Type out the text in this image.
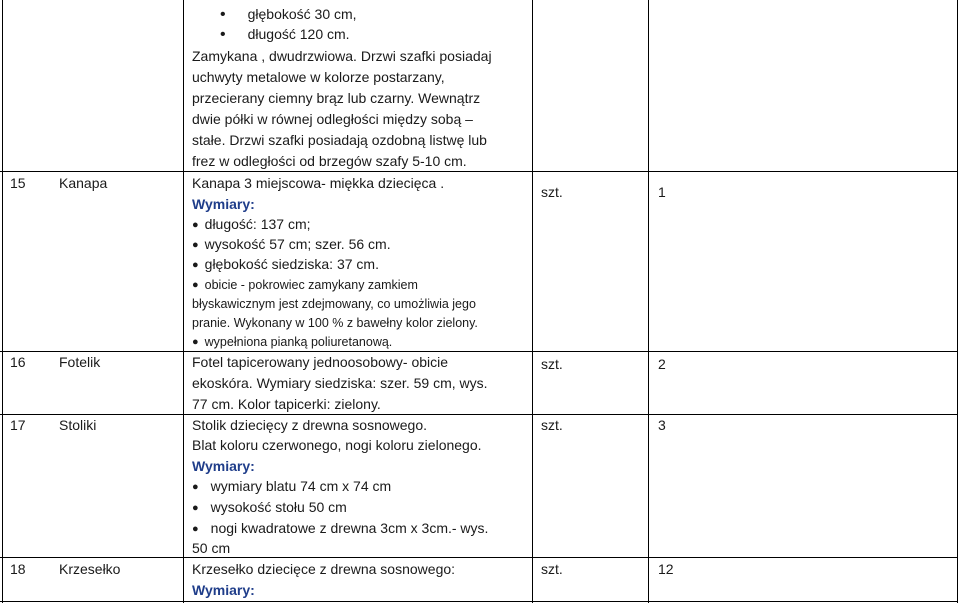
• głębokość 30 cm,
• długość 120 cm.
Zamykana , dwudrzwiowa. Drzwi szafki posiadaj
uchwyty metalowe w kolorze postarzany,
przecierany ciemny brąz lub czarny. Wewnątrz
dwie półki w równej odległości między sobą –
stałe. Drzwi szafki posiadają ozdobną listwę lub
frez w odległości od brzegów szafy 5-10 cm.
15 Kanapa	Kanapa 3 miejscowa- miękka dziecięca .
Wymiary:
● długość: 137 cm;
● wysokość 57 cm; szer. 56 cm.
● głębokość siedziska: 37 cm.
● obicie - pokrowiec zamykany zamkiem
błyskawicznym jest zdejmowany, co umożliwia jego
pranie. Wykonany w 100 % z bawełny kolor zielony.
● wypełniona pianką poliuretanową.
szt.	1
16 Fotelik	Fotel tapicerowany jednoosobowy- obicie
ekoskóra. Wymiary siedziska: szer. 59 cm, wys.
77 cm. Kolor tapicerki: zielony.
szt.	2
17 Stoliki	Stolik dziecięcy z drewna sosnowego.
Blat koloru czerwonego, nogi koloru zielonego.
Wymiary:
● wymiary blatu 74 cm x 74 cm
● wysokość stołu 50 cm
● nogi kwadratowe z drewna 3cm x 3cm.- wys.
50 cm
szt.	3
18 Krzesełko	Krzesełko dziecięce z drewna sosnowego:
Wymiary:
szt.	12
